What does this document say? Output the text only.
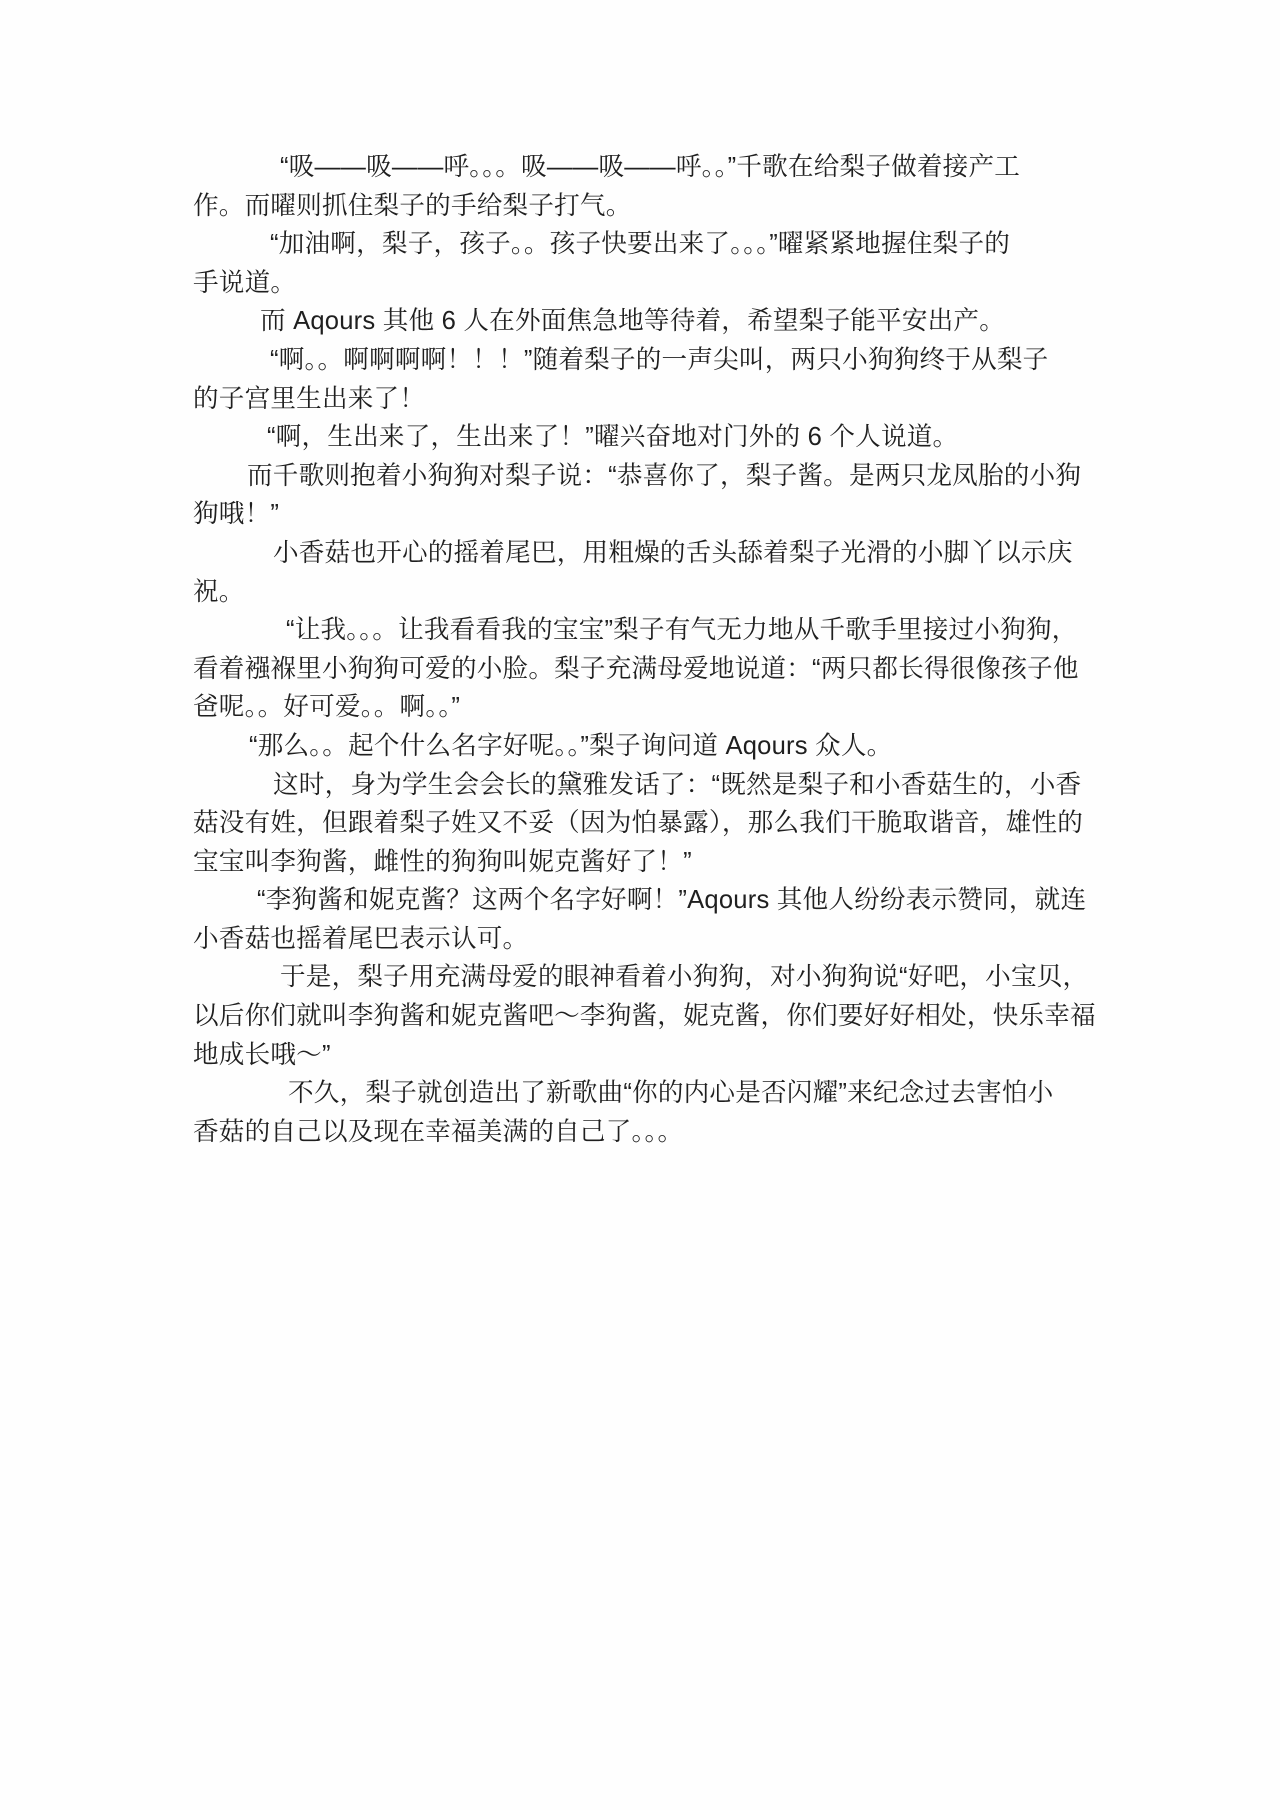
“吸——吸——呼。。。吸——吸——呼。。”千歌在给梨子做着接产工
作。而曜则抓住梨子的手给梨子打气。

“加油啊，梨子，孩子。。孩子快要出来了。。。”曜紧紧地握住梨子的
手说道。

而 Aqours 其他 6 人在外面焦急地等待着，希望梨子能平安出产。

“啊。。啊啊啊啊！！！”随着梨子的一声尖叫，两只小狗狗终于从梨子
的子宫里生出来了！

“啊，生出来了，生出来了！”曜兴奋地对门外的 6 个人说道。

而千歌则抱着小狗狗对梨子说：“恭喜你了，梨子酱。是两只龙凤胎的小狗
狗哦！”

小香菇也开心的摇着尾巴，用粗燥的舌头舔着梨子光滑的小脚丫以示庆
祝。

“让我。。。让我看看我的宝宝”梨子有气无力地从千歌手里接过小狗狗，
看着襁褓里小狗狗可爱的小脸。梨子充满母爱地说道：“两只都长得很像孩子他
爸呢。。好可爱。。啊。。”

“那么。。起个什么名字好呢。。”梨子询问道 Aqours 众人。

这时，身为学生会会长的黛雅发话了：“既然是梨子和小香菇生的，小香
菇没有姓，但跟着梨子姓又不妥（因为怕暴露），那么我们干脆取谐音，雄性的
宝宝叫李狗酱，雌性的狗狗叫妮克酱好了！”

“李狗酱和妮克酱？这两个名字好啊！”Aqours 其他人纷纷表示赞同，就连
小香菇也摇着尾巴表示认可。

于是，梨子用充满母爱的眼神看着小狗狗，对小狗狗说“好吧，小宝贝，
以后你们就叫李狗酱和妮克酱吧～李狗酱，妮克酱，你们要好好相处，快乐幸福
地成长哦～”

不久，梨子就创造出了新歌曲“你的内心是否闪耀”来纪念过去害怕小
香菇的自己以及现在幸福美满的自己了。。。
